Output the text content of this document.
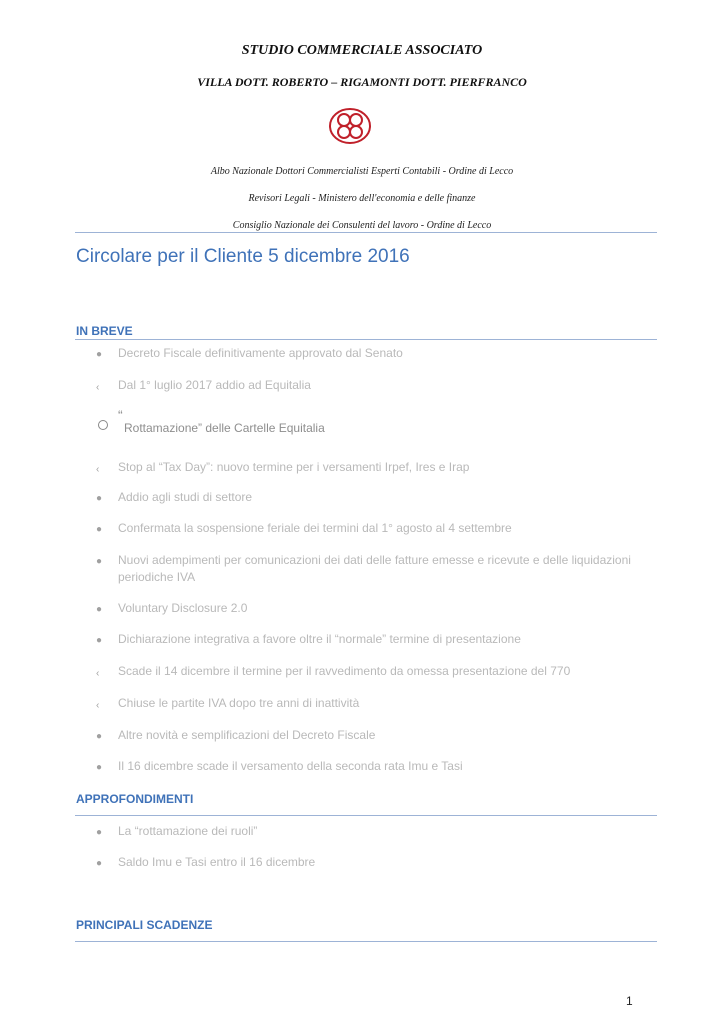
STUDIO COMMERCIALE ASSOCIATO
VILLA DOTT. ROBERTO – RIGAMONTI DOTT. PIERFRANCO
Albo Nazionale Dottori Commercialisti Esperti Contabili - Ordine di Lecco
Revisori Legali - Ministero dell'economia e delle finanze
Consiglio Nazionale dei Consulenti del lavoro - Ordine di Lecco
Circolare per il Cliente 5 dicembre 2016
IN BREVE
● Decreto Fiscale definitivamente approvato dal Senato
‹ Dal 1° luglio 2017 addio ad Equitalia
“
Rottamazione” delle Cartelle Equitalia
‹ Stop al “Tax Day”: nuovo termine per i versamenti Irpef, Ires e Irap
● Addio agli studi di settore
● Confermata la sospensione feriale dei termini dal 1° agosto al 4 settembre
● Nuovi adempimenti per comunicazioni dei dati delle fatture emesse e ricevute e delle liquidazioni periodiche IVA
● Voluntary Disclosure 2.0
● Dichiarazione integrativa a favore oltre il “normale” termine di presentazione
‹ Scade il 14 dicembre il termine per il ravvedimento da omessa presentazione del 770
‹ Chiuse le partite IVA dopo tre anni di inattività
● Altre novità e semplificazioni del Decreto Fiscale
● Il 16 dicembre scade il versamento della seconda rata Imu e Tasi
APPROFONDIMENTI
● La “rottamazione dei ruoli”
● Saldo Imu e Tasi entro il 16 dicembre
PRINCIPALI SCADENZE
1
